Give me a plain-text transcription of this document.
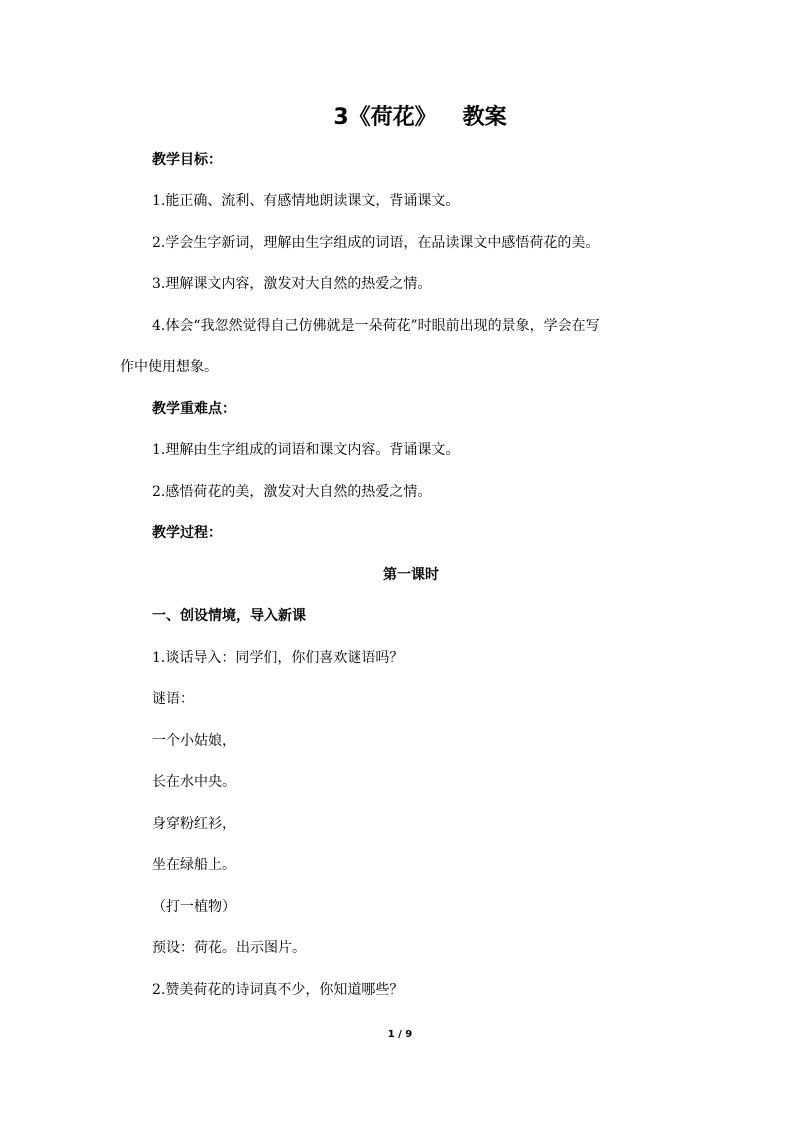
3《荷花》 教案
教学目标：
1.能正确、流利、有感情地朗读课文，背诵课文。
2.学会生字新词，理解由生字组成的词语，在品读课文中感悟荷花的美。
3.理解课文内容，激发对大自然的热爱之情。
4.体会“我忽然觉得自己仿佛就是一朵荷花”时眼前出现的景象，学会在写
作中使用想象。
教学重难点：
1.理解由生字组成的词语和课文内容。背诵课文。
2.感悟荷花的美，激发对大自然的热爱之情。
教学过程：
第一课时
一、创设情境，导入新课
1.谈话导入：同学们，你们喜欢谜语吗？
谜语：
一个小姑娘，
长在水中央。
身穿粉红衫，
坐在绿船上。
（打一植物）
预设：荷花。出示图片。
2.赞美荷花的诗词真不少，你知道哪些？
1 / 9
